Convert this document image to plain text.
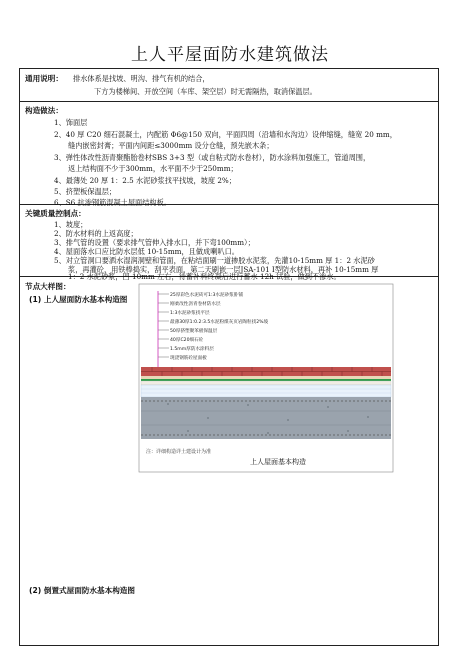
上人平屋面防水建筑做法
通用说明： 排水体系是找坡、明沟、排气有机的结合，
下方为楼梯间、开放空间（车库、架空层）时无需隔热，取消保温层。
构造做法：
1、饰面层
2、40 厚 C20 细石混凝土，内配筋 Φ6@150 双向，平面四周（沿墙和水沟边）设伸缩缝，缝宽 20 mm，
缝内嵌密封膏；平面内间距≤3000mm 设分仓缝，预先嵌木条；
3、弹性体改性沥青聚酯胎卷材SBS 3+3 型（或自粘式防水卷材），防水涂料加强施工，管道周围，
返上结构面不少于300mm，水平面不少于250mm；
4、最薄处 20 厚 1：2.5 水泥砂浆找平找坡，坡度 2%；
5、挤塑板保温层；
6、S6 抗渗钢筋混凝土屋面结构板。
关键质量控制点：
1、坡度；
2、防水材料的上返高度；
3、排气管的设置（要求排气管伸入排水口，并下弯100mm）；
4、屋面落水口应比防水层低 10-15mm，且做成喇叭口。
5、对立管洞口要洒水湿润洞壁和管面，在粘结面刷一道掺胶水泥浆，先灌10-15mm 厚 1：2 水泥砂
浆，再灌砼，用铁棒捣实，刮平表面，第二天刷嵌一层JSA-101 Ⅰ型防水材料，再补 10-15mm 厚
1：2 水泥砂浆，凹 10mm 左右，待蓄补料终凝后进行蓄水 12h 试验，做到不渗水。
节点大样图：
(1) 上人屋面防水基本构造图
(2) 倒置式屋面防水基本构造图
25厚彩色水泥砖可1:3水泥砂浆卧铺
刚柔改性沥青卷材防水层
1:3水泥砂浆找平层
最薄30厚1:0.2:3.5水泥粉煤灰页岩陶粒找2%坡
50厚挤塑聚苯板保温层
40厚C20细石砼
1.5mm厚防水涂料层
现浇钢筋砼屋面板
注：详细构造详土建设计为准
上人屋面基本构造
